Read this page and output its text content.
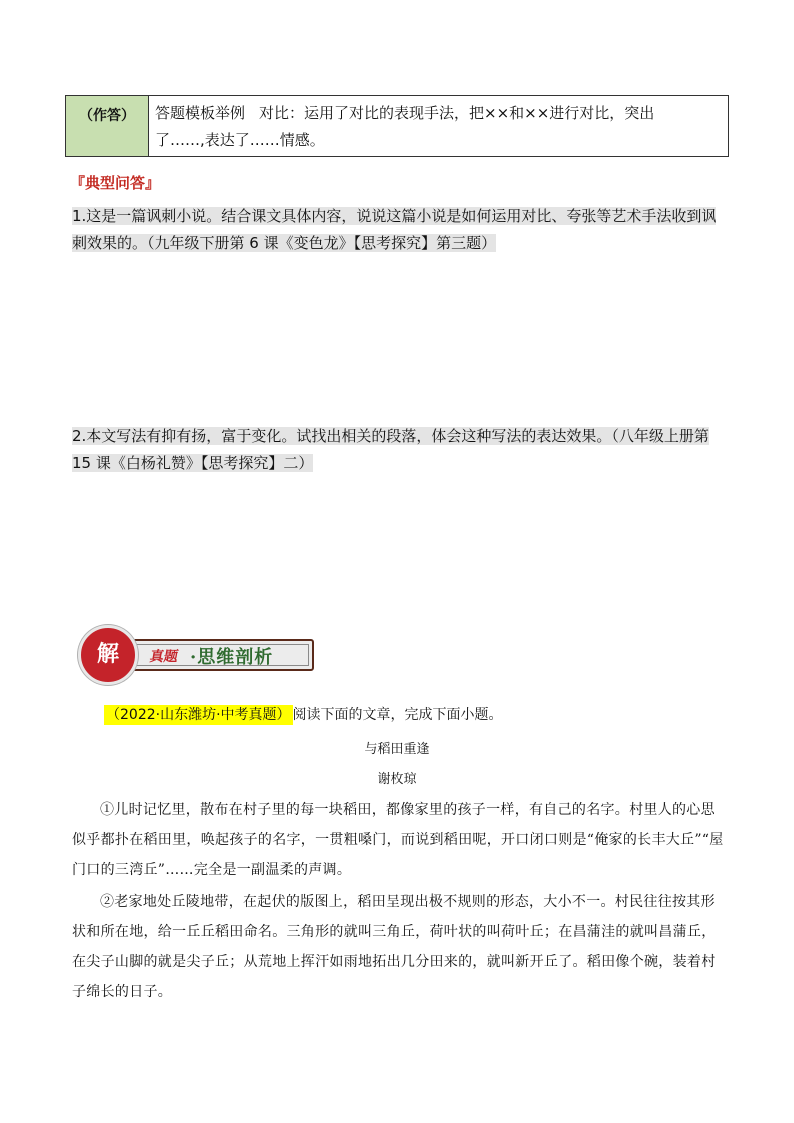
（作答）	答题模板举例 对比：运用了对比的表现手法，把××和××进行对比，突出
了……,表达了……情感。
『典型问答』
1.这是一篇讽刺小说。结合课文具体内容，说说这篇小说是如何运用对比、夸张等艺术手法收到讽刺效果的。（九年级下册第 6 课《变色龙》【思考探究】第三题）
2.本文写法有抑有扬，富于变化。试找出相关的段落，体会这种写法的表达效果。（八年级上册第 15 课《白杨礼赞》【思考探究】二）
解	真题 ·思维剖析
（2022·山东潍坊·中考真题） 阅读下面的文章，完成下面小题。
与稻田重逢
谢枚琼

①儿时记忆里，散布在村子里的每一块稻田，都像家里的孩子一样，有自己的名字。村里人的心思似乎都扑在稻田里，唤起孩子的名字，一贯粗嗓门，而说到稻田呢，开口闭口则是“俺家的长丰大丘”“屋门口的三湾丘”……完全是一副温柔的声调。

②老家地处丘陵地带，在起伏的版图上，稻田呈现出极不规则的形态，大小不一。村民往往按其形状和所在地，给一丘丘稻田命名。三角形的就叫三角丘，荷叶状的叫荷叶丘；在昌蒲洼的就叫昌蒲丘，在尖子山脚的就是尖子丘；从荒地上挥汗如雨地拓出几分田来的，就叫新开丘了。稻田像个碗，装着村子绵长的日子。
